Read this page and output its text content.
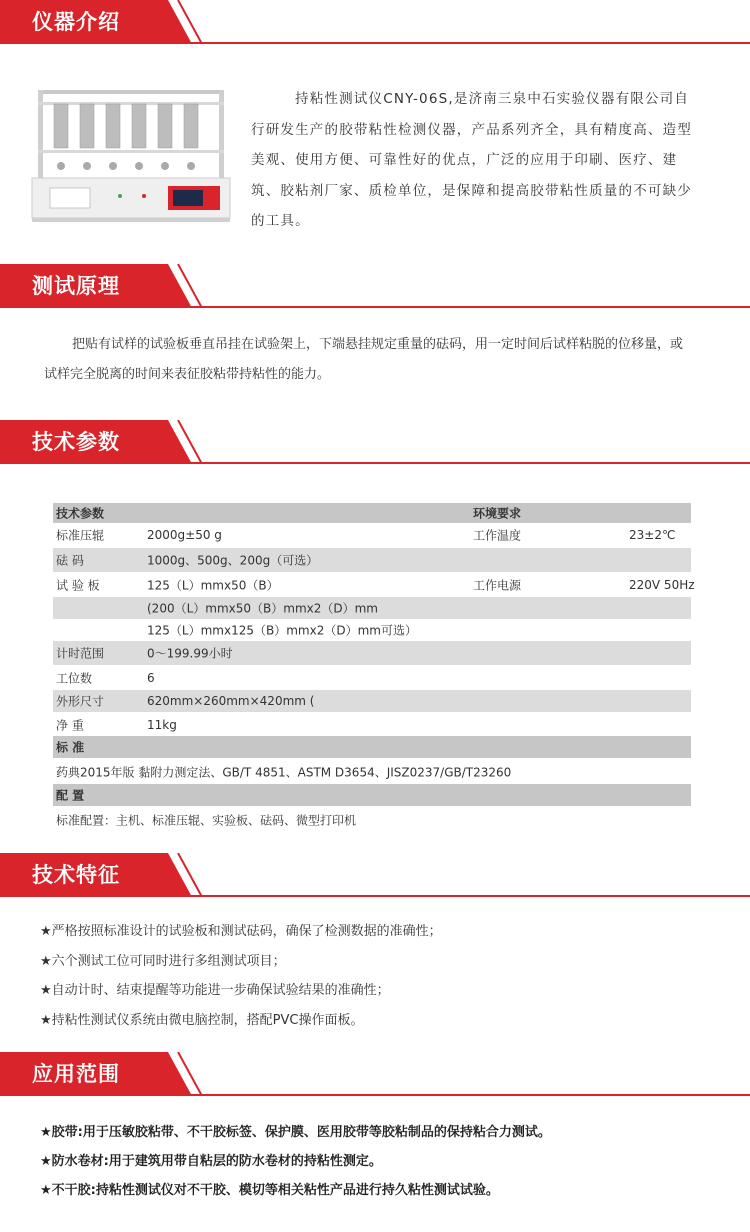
仪器介绍
持粘性测试仪CNY-06S,是济南三泉中石实验仪器有限公司自行研发生产的胶带粘性检测仪器，产品系列齐全，具有精度高、造型美观、使用方便、可靠性好的优点，广泛的应用于印刷、医疗、建筑、胶粘剂厂家、质检单位，是保障和提高胶带粘性质量的不可缺少的工具。
测试原理
把贴有试样的试验板垂直吊挂在试验架上，下端悬挂规定重量的砝码，用一定时间后试样粘脱的位移量，或试样完全脱离的时间来表征胶粘带持粘性的能力。
技术参数
技术参数	环境要求
标准压辊	2000g±50 g	工作温度	23±2℃
砝 码	1000g、500g、200g（可选）
试 验 板	125（L）mmx50（B）	工作电源	220V 50Hz
(200（L）mmx50（B）mmx2（D）mm
125（L）mmx125（B）mmx2（D）mm可选）
计时范围	0～199.99小时
工位数	6
外形尺寸	620mm×260mm×420mm (
净 重	11kg
标 准
药典2015年版 黏附力测定法、GB/T 4851、ASTM D3654、JISZ0237/GB/T23260
配 置
标准配置：主机、标准压辊、实验板、砝码、微型打印机
技术特征
★严格按照标准设计的试验板和测试砝码，确保了检测数据的准确性；
★六个测试工位可同时进行多组测试项目；
★自动计时、结束提醒等功能进一步确保试验结果的准确性；
★持粘性测试仪系统由微电脑控制，搭配PVC操作面板。
应用范围
★胶带:用于压敏胶粘带、不干胶标签、保护膜、医用胶带等胶粘制品的保持粘合力测试。
★防水卷材:用于建筑用带自粘层的防水卷材的持粘性测定。
★不干胶:持粘性测试仪对不干胶、模切等相关粘性产品进行持久粘性测试试验。
